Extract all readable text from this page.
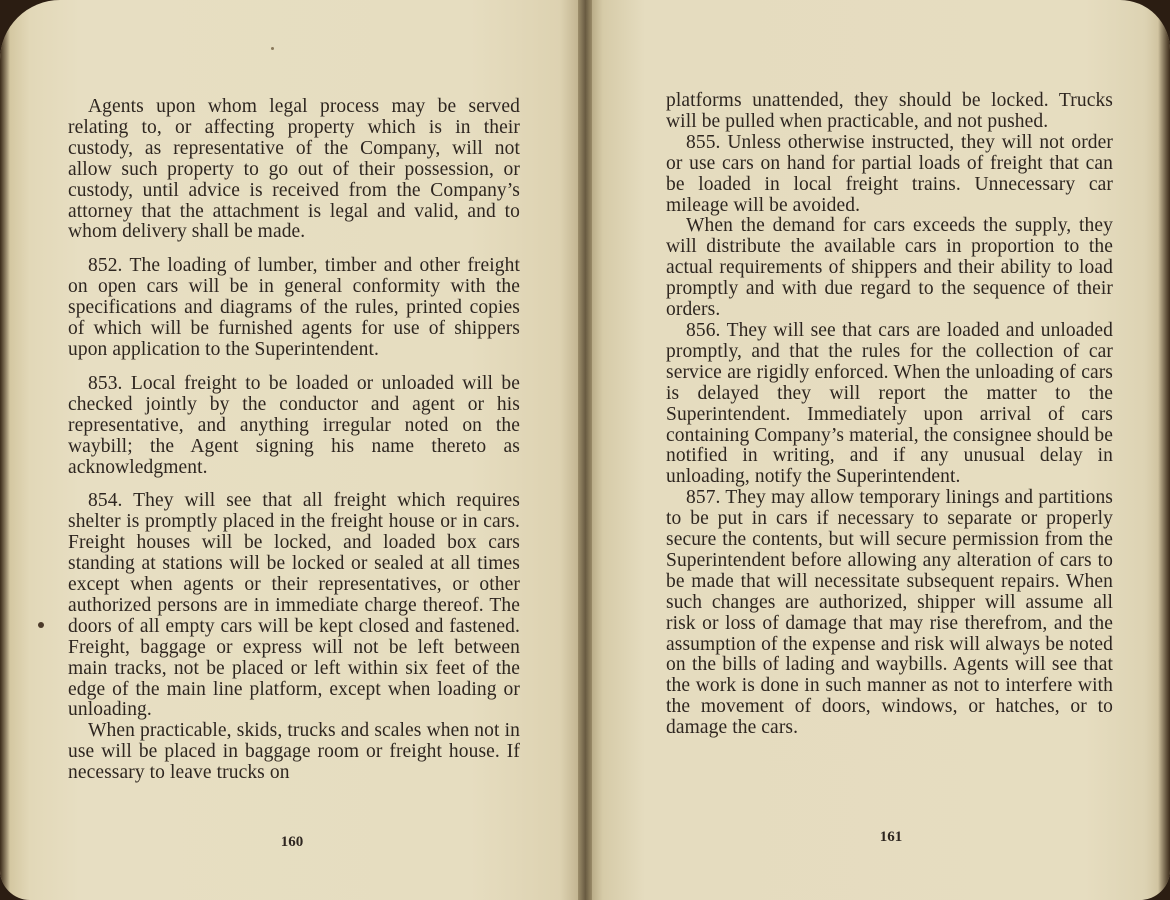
Agents upon whom legal process may be served relating to, or affecting property which is in their custody, as representative of the Company, will not allow such property to go out of their possession, or custody, until advice is received from the Company’s attorney that the attachment is legal and valid, and to whom delivery shall be made.

852. The loading of lumber, timber and other freight on open cars will be in general conformity with the specifications and diagrams of the rules, printed copies of which will be furnished agents for use of shippers upon application to the Superintendent.

853. Local freight to be loaded or unloaded will be checked jointly by the conductor and agent or his representative, and anything irregular noted on the waybill; the Agent signing his name thereto as acknowledgment.

854. They will see that all freight which requires shelter is promptly placed in the freight house or in cars. Freight houses will be locked, and loaded box cars standing at stations will be locked or sealed at all times except when agents or their representatives, or other authorized persons are in immediate charge thereof. The doors of all empty cars will be kept closed and fastened. Freight, baggage or express will not be left between main tracks, not be placed or left within six feet of the edge of the main line platform, except when loading or unloading.

When practicable, skids, trucks and scales when not in use will be placed in baggage room or freight house. If necessary to leave trucks on

160

platforms unattended, they should be locked. Trucks will be pulled when practicable, and not pushed.

855. Unless otherwise instructed, they will not order or use cars on hand for partial loads of freight that can be loaded in local freight trains. Unnecessary car mileage will be avoided.

When the demand for cars exceeds the supply, they will distribute the available cars in proportion to the actual requirements of shippers and their ability to load promptly and with due regard to the sequence of their orders.

856. They will see that cars are loaded and unloaded promptly, and that the rules for the collection of car service are rigidly enforced. When the unloading of cars is delayed they will report the matter to the Superintendent. Immediately upon arrival of cars containing Company’s material, the consignee should be notified in writing, and if any unusual delay in unloading, notify the Superintendent.

857. They may allow temporary linings and partitions to be put in cars if necessary to separate or properly secure the contents, but will secure permission from the Superintendent before allowing any alteration of cars to be made that will necessitate subsequent repairs. When such changes are authorized, shipper will assume all risk or loss of damage that may rise therefrom, and the assumption of the expense and risk will always be noted on the bills of lading and waybills. Agents will see that the work is done in such manner as not to interfere with the movement of doors, windows, or hatches, or to damage the cars.

161
